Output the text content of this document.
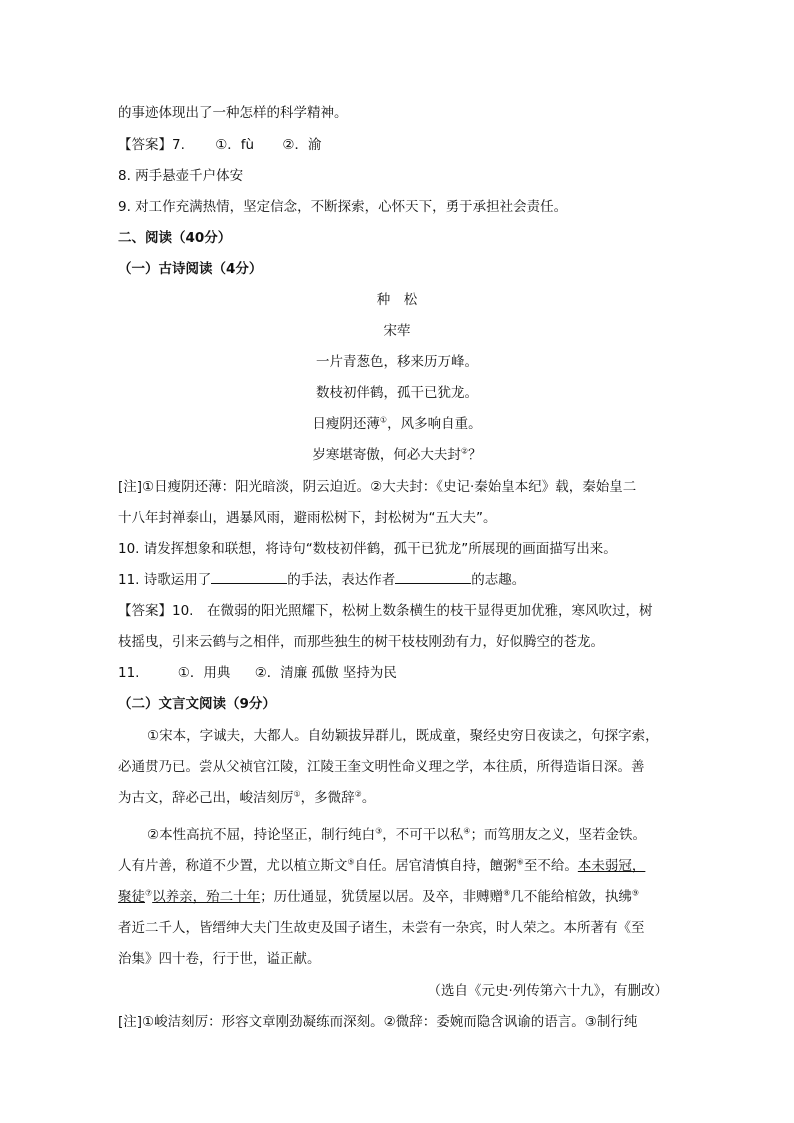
的事迹体现出了一种怎样的科学精神。
【答案】7. ①．fù ②．渝
8. 两手悬壶千户体安
9. 对工作充满热情，坚定信念，不断探索，心怀天下，勇于承担社会责任。
二、阅读（40分）
（一）古诗阅读（4分）
种　松
宋荦
一片青葱色，移来历万峰。
数枝初伴鹤，孤干已犹龙。
日瘦阴还薄①，风多响自重。
岁寒堪寄傲，何必大夫封②？
[注]①日瘦阴还薄：阳光暗淡，阴云迫近。②大夫封：《史记·秦始皇本纪》载，秦始皇二
十八年封禅泰山，遇暴风雨，避雨松树下，封松树为“五大夫”。
10. 请发挥想象和联想，将诗句“数枝初伴鹤，孤干已犹龙”所展现的画面描写出来。
11. 诗歌运用了	的手法，表达作者	的志趣。
【答案】10.　在微弱的阳光照耀下，松树上数条横生的枝干显得更加优雅，寒风吹过，树
枝摇曳，引来云鹤与之相伴，而那些独生的树干枝枝刚劲有力，好似腾空的苍龙。
11.	①．用典 ②．清廉 孤傲 坚持为民
（二）文言文阅读（9分）
①宋本，字诚夫，大都人。自幼颖拔异群儿，既成童，聚经史穷日夜读之，句探字索，
必通贯乃已。尝从父祯官江陵，江陵王奎文明性命义理之学，本往质，所得造诣日深。善
为古文，辞必己出，峻洁刻厉①，多微辞②。
②本性高抗不屈，持论坚正，制行纯白③，不可干以私④；而笃朋友之义，坚若金铁。
人有片善，称道不少置，尤以植立斯文⑤自任。居官清慎自持，饘粥⑥至不给。本未弱冠，
聚徒⑦以养亲，殆二十年；历仕通显，犹赁屋以居。及卒，非赙赠⑧几不能给棺敛，执绋⑨
者近二千人，皆缙绅大夫门生故吏及国子诸生，未尝有一杂宾，时人荣之。本所著有《至
治集》四十卷，行于世，谥正献。
（选自《元史·列传第六十九》，有删改）
[注]①峻洁刻厉：形容文章刚劲凝练而深刻。②微辞：委婉而隐含讽谕的语言。③制行纯
